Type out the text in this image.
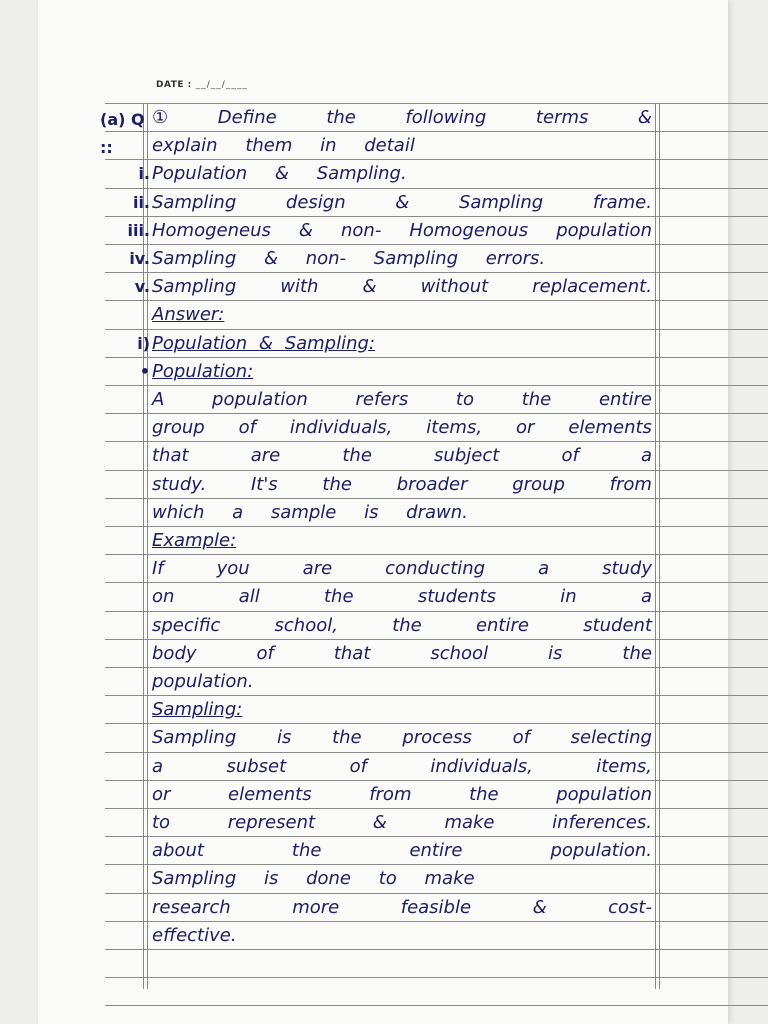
DATE : __/__/____
(a) Q ::
①	Define	the	following	terms	&
explain them in detail
i. Population & Sampling.
ii. Sampling	design	&	Sampling	frame.
iii. Homogeneus & non- Homogenous population
iv. Sampling & non- Sampling errors.
v. Sampling with & without replacement.
Answer:
i) Population & Sampling:
• Population:
A	population	refers	to	the	entire
group of individuals, items, or elements
that	are	the	subject	of	a
study. It's the broader group from
which a sample is drawn.
Example:
If	you	are	conducting	a	study
on	all	the	students	in	a
specific	school,	the	entire	student
body	of	that	school	is	the
population.
Sampling:
Sampling is the process of selecting
a	subset	of	individuals,	items,
or	elements	from	the	population
to	represent	&	make	inferences.
about	the	entire	population.
Sampling is done to make
research	more	feasible	&	cost-
effective.
